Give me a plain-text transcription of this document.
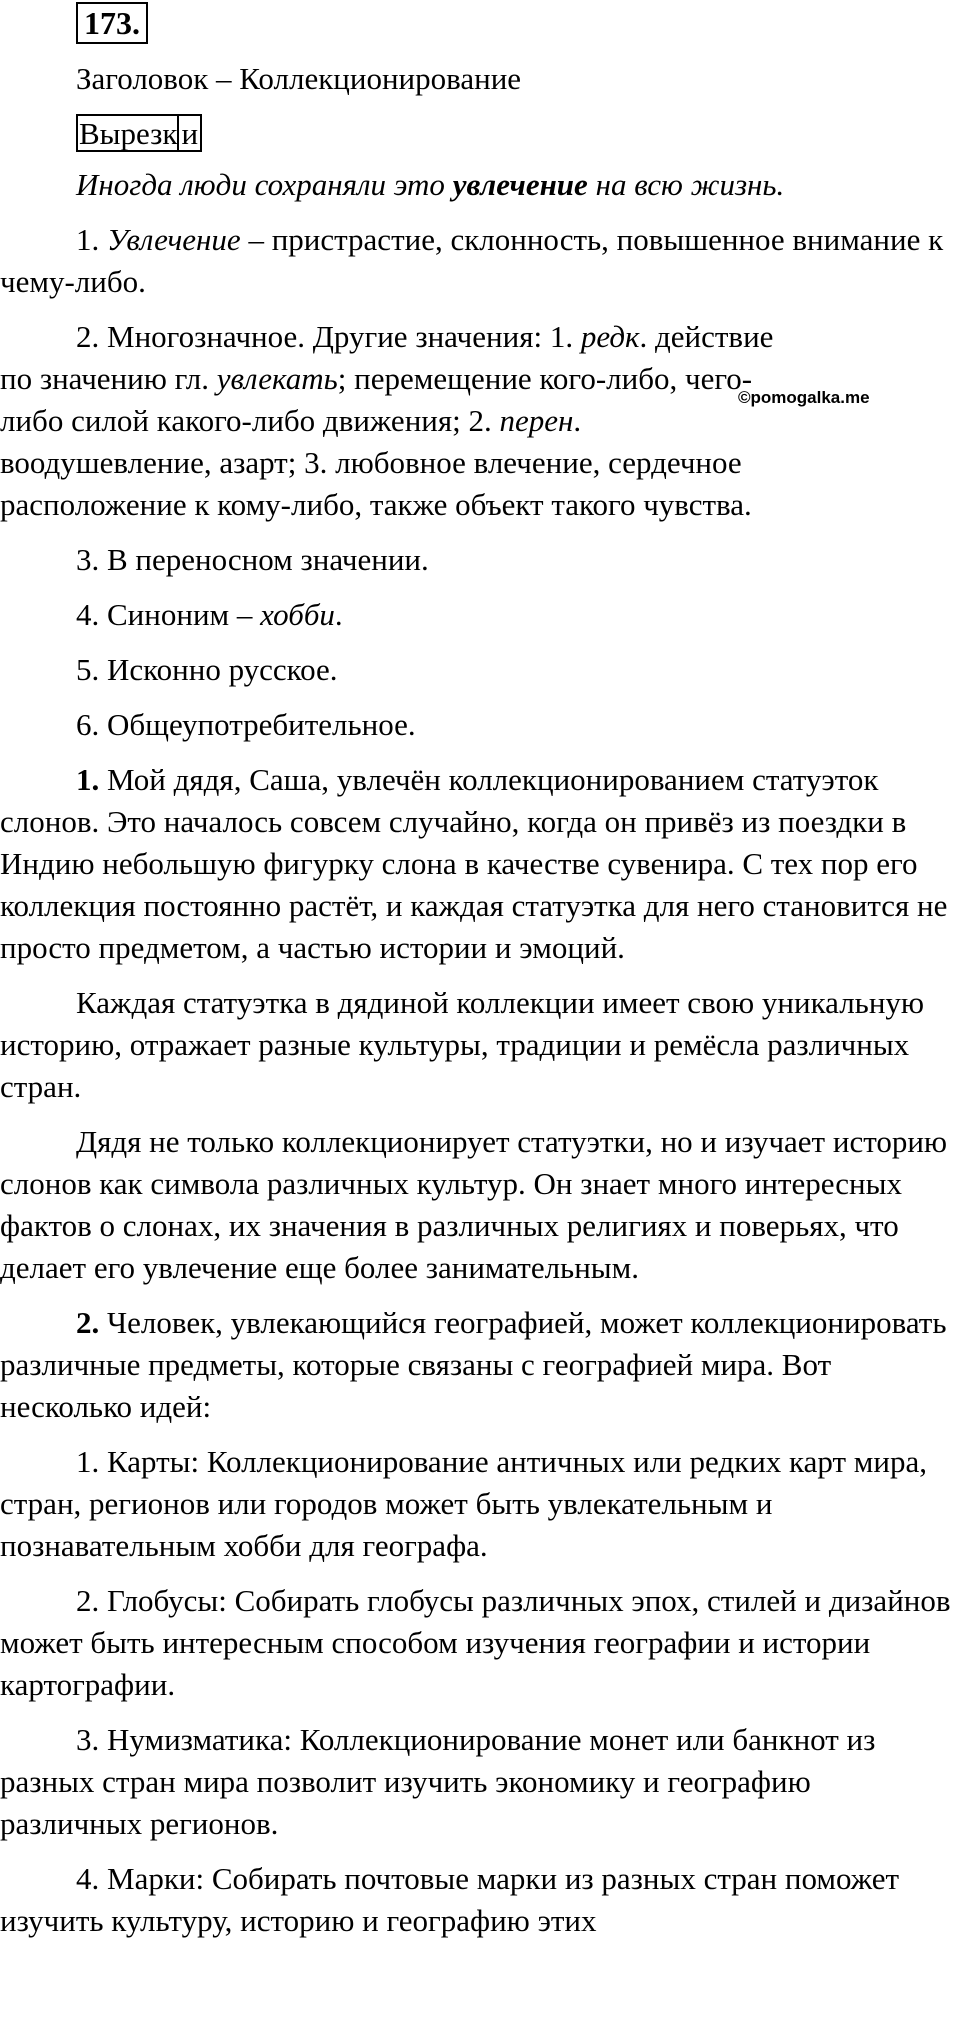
173.

Заголовок – Коллекционирование

Вырезк и
©pomogalka.me

Иногда люди сохраняли это увлечение на всю жизнь.

1. Увлечение – пристрастие, склонность, повышенное внимание к чему-либо.

2. Многозначное. Другие значения: 1. редк. действие по значению гл. увлекать; перемещение кого-либо, чего-либо силой какого-либо движения; 2. перен. воодушевление, азарт; 3. любовное влечение, сердечное расположение к кому-либо, также объект такого чувства.

3. В переносном значении.

4. Синоним – хобби.

5. Исконно русское.

6. Общеупотребительное.

1. Мой дядя, Саша, увлечён коллекционированием статуэток слонов. Это началось совсем случайно, когда он привёз из поездки в Индию небольшую фигурку слона в качестве сувенира. С тех пор его коллекция постоянно растёт, и каждая статуэтка для него становится не просто предметом, а частью истории и эмоций.

Каждая статуэтка в дядиной коллекции имеет свою уникальную историю, отражает разные культуры, традиции и ремёсла различных стран.

Дядя не только коллекционирует статуэтки, но и изучает историю слонов как символа различных культур. Он знает много интересных фактов о слонах, их значения в различных религиях и поверьях, что делает его увлечение еще более занимательным.

2. Человек, увлекающийся географией, может коллекционировать различные предметы, которые связаны с географией мира. Вот несколько идей:

1. Карты: Коллекционирование античных или редких карт мира, стран, регионов или городов может быть увлекательным и познавательным хобби для географа.

2. Глобусы: Собирать глобусы различных эпох, стилей и дизайнов может быть интересным способом изучения географии и истории картографии.

3. Нумизматика: Коллекционирование монет или банкнот из разных стран мира позволит изучить экономику и географию различных регионов.

4. Марки: Собирать почтовые марки из разных стран поможет изучить культуру, историю и географию этих
